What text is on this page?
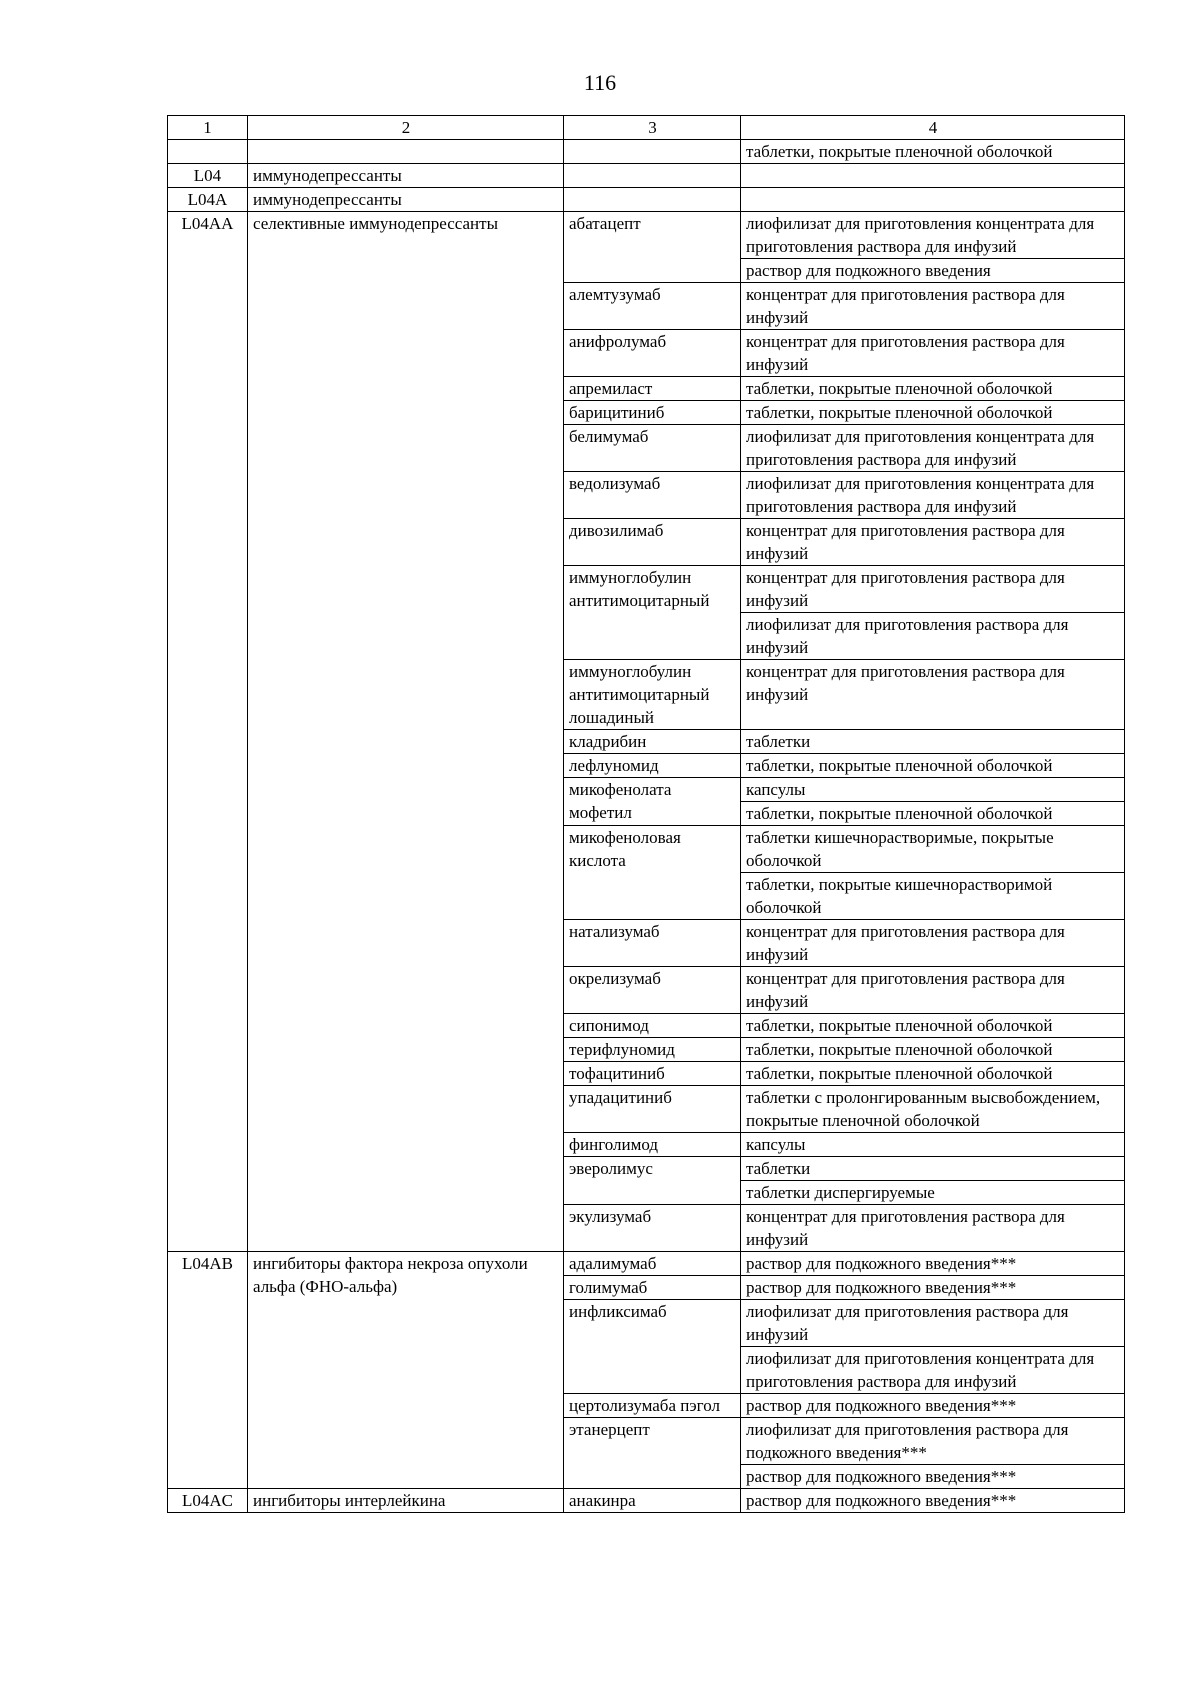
116
1	2	3	4
			таблетки, покрытые пленочной оболочкой
L04	иммунодепрессанты		
L04A	иммунодепрессанты		
L04AA	селективные иммунодепрессанты	абатацепт	лиофилизат для приготовления концентрата для приготовления раствора для инфузий
			раствор для подкожного введения
		алемтузумаб	концентрат для приготовления раствора для инфузий
		анифролумаб	концентрат для приготовления раствора для инфузий
		апремиласт	таблетки, покрытые пленочной оболочкой
		барицитиниб	таблетки, покрытые пленочной оболочкой
		белимумаб	лиофилизат для приготовления концентрата для приготовления раствора для инфузий
		ведолизумаб	лиофилизат для приготовления концентрата для приготовления раствора для инфузий
		дивозилимаб	концентрат для приготовления раствора для инфузий
		иммуноглобулин антитимоцитарный	концентрат для приготовления раствора для инфузий
			лиофилизат для приготовления раствора для инфузий
		иммуноглобулин антитимоцитарный лошадиный	концентрат для приготовления раствора для инфузий
		кладрибин	таблетки
		лефлуномид	таблетки, покрытые пленочной оболочкой
		микофенолата мофетил	капсулы
			таблетки, покрытые пленочной оболочкой
		микофеноловая кислота	таблетки кишечнорастворимые, покрытые оболочкой
			таблетки, покрытые кишечнорастворимой оболочкой
		натализумаб	концентрат для приготовления раствора для инфузий
		окрелизумаб	концентрат для приготовления раствора для инфузий
		сипонимод	таблетки, покрытые пленочной оболочкой
		терифлуномид	таблетки, покрытые пленочной оболочкой
		тофацитиниб	таблетки, покрытые пленочной оболочкой
		упадацитиниб	таблетки с пролонгированным высвобождением, покрытые пленочной оболочкой
		финголимод	капсулы
		эверолимус	таблетки
			таблетки диспергируемые
		экулизумаб	концентрат для приготовления раствора для инфузий
L04AB	ингибиторы фактора некроза опухоли альфа (ФНО-альфа)	адалимумаб	раствор для подкожного введения***
		голимумаб	раствор для подкожного введения***
		инфликсимаб	лиофилизат для приготовления раствора для инфузий
			лиофилизат для приготовления концентрата для приготовления раствора для инфузий
		цертолизумаба пэгол	раствор для подкожного введения***
		этанерцепт	лиофилизат для приготовления раствора для подкожного введения***
			раствор для подкожного введения***
L04AC	ингибиторы интерлейкина	анакинра	раствор для подкожного введения***
